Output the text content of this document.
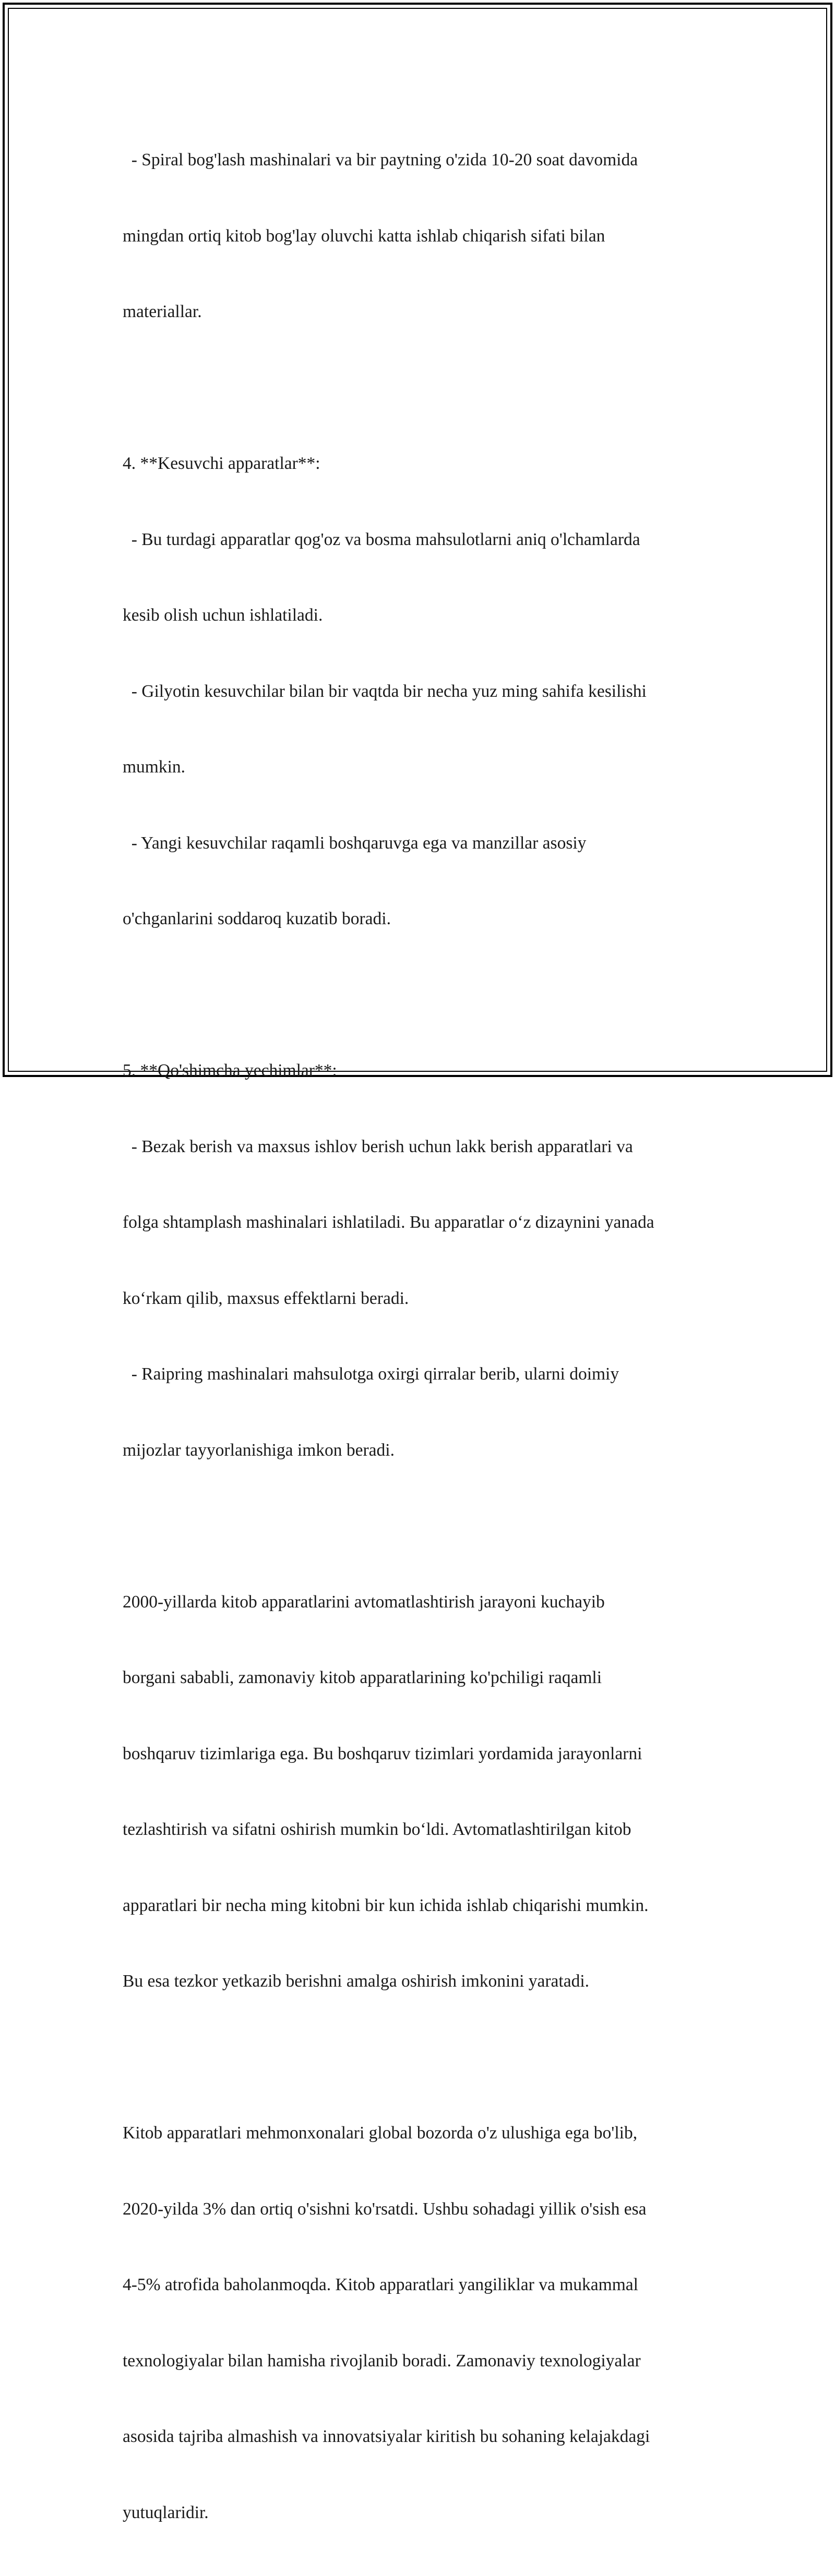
- Spiral bog'lash mashinalari va bir paytning o'zida 10-20 soat davomida

mingdan ortiq kitob bog'lay oluvchi katta ishlab chiqarish sifati bilan

materiallar.

4. **Kesuvchi apparatlar**:

- Bu turdagi apparatlar qog'oz va bosma mahsulotlarni aniq o'lchamlarda

kesib olish uchun ishlatiladi.

- Gilyotin kesuvchilar bilan bir vaqtda bir necha yuz ming sahifa kesilishi

mumkin.

- Yangi kesuvchilar raqamli boshqaruvga ega va manzillar asosiy

o'chganlarini soddaroq kuzatib boradi.

5. **Qo'shimcha yechimlar**:

- Bezak berish va maxsus ishlov berish uchun lakk berish apparatlari va

folga shtamplash mashinalari ishlatiladi. Bu apparatlar o‘z dizaynini yanada

ko‘rkam qilib, maxsus effektlarni beradi.

- Raipring mashinalari mahsulotga oxirgi qirralar berib, ularni doimiy

mijozlar tayyorlanishiga imkon beradi.

2000-yillarda kitob apparatlarini avtomatlashtirish jarayoni kuchayib

borgani sababli, zamonaviy kitob apparatlarining ko'pchiligi raqamli

boshqaruv tizimlariga ega. Bu boshqaruv tizimlari yordamida jarayonlarni

tezlashtirish va sifatni oshirish mumkin bo‘ldi. Avtomatlashtirilgan kitob

apparatlari bir necha ming kitobni bir kun ichida ishlab chiqarishi mumkin.

Bu esa tezkor yetkazib berishni amalga oshirish imkonini yaratadi.

Kitob apparatlari mehmonxonalari global bozorda o'z ulushiga ega bo'lib,

2020-yilda 3% dan ortiq o'sishni ko'rsatdi. Ushbu sohadagi yillik o'sish esa

4-5% atrofida baholanmoqda. Kitob apparatlari yangiliklar va mukammal

texnologiyalar bilan hamisha rivojlanib boradi. Zamonaviy texnologiyalar

asosida tajriba almashish va innovatsiyalar kiritish bu sohaning kelajakdagi

yutuqlaridir.
